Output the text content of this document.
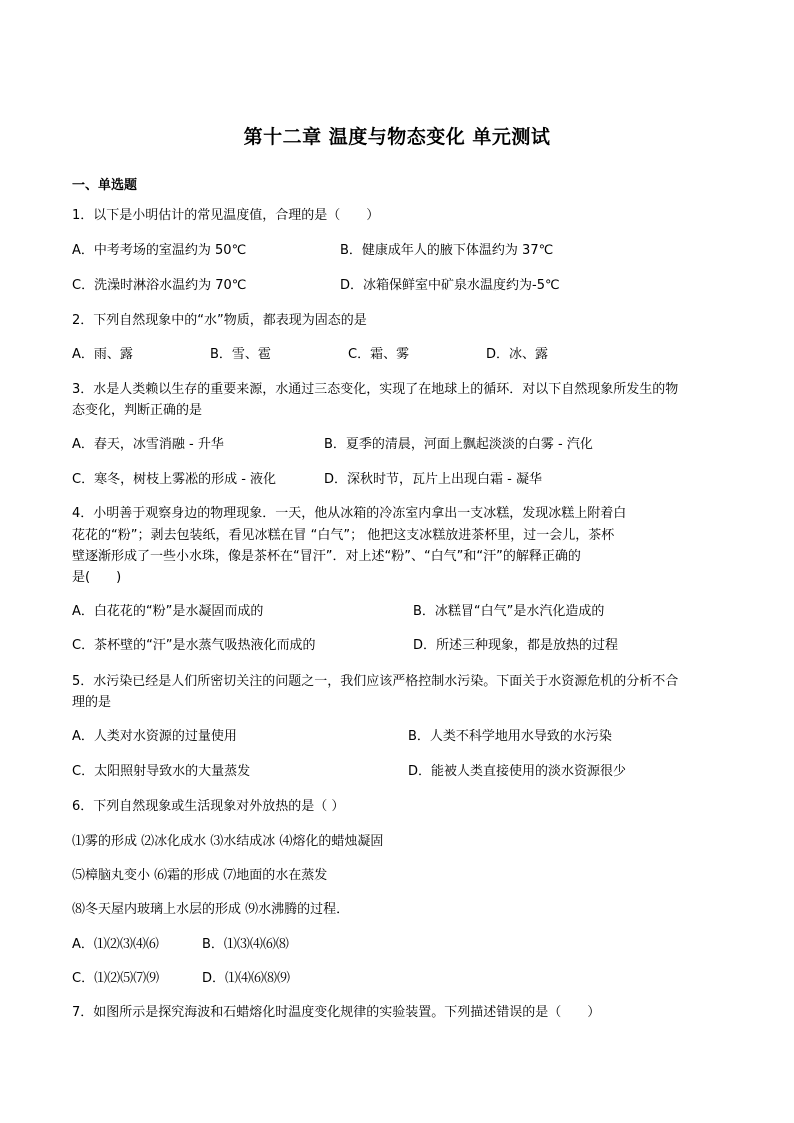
第十二章 温度与物态变化 单元测试
一、单选题
1．以下是小明估计的常见温度值，合理的是（　　）
A．中考考场的室温约为 50℃	B．健康成年人的腋下体温约为 37℃
C．洗澡时淋浴水温约为 70℃	D．冰箱保鲜室中矿泉水温度约为-5℃
2．下列自然现象中的“水”物质，都表现为固态的是
A．雨、露	B．雪、雹	C．霜、雾	D．冰、露
3．水是人类赖以生存的重要来源，水通过三态变化，实现了在地球上的循环．对以下自然现象所发生的物
态变化，判断正确的是
A．春天，冰雪消融 - 升华	B．夏季的清晨，河面上飘起淡淡的白雾 - 汽化
C．寒冬，树枝上雾凇的形成 - 液化	D．深秋时节，瓦片上出现白霜 - 凝华
4．小明善于观察身边的物理现象．一天，他从冰箱的冷冻室内拿出一支冰糕，发现冰糕上附着白
花花的“粉”；剥去包装纸，看见冰糕在冒 “白气”； 他把这支冰糕放进茶杯里，过一会儿，茶杯
壁逐渐形成了一些小水珠，像是茶杯在“冒汗”．对上述“粉”、“白气”和“汗”的解释正确的
是(　　)
A．白花花的“粉”是水凝固而成的	B．冰糕冒“白气”是水汽化造成的
C．茶杯壁的“汗”是水蒸气吸热液化而成的	D．所述三种现象，都是放热的过程
5．水污染已经是人们所密切关注的问题之一，我们应该严格控制水污染。下面关于水资源危机的分析不合
理的是
A．人类对水资源的过量使用	B．人类不科学地用水导致的水污染
C．太阳照射导致水的大量蒸发	D．能被人类直接使用的淡水资源很少
6．下列自然现象或生活现象对外放热的是（ ）
⑴雾的形成 ⑵冰化成水 ⑶水结成冰 ⑷熔化的蜡烛凝固
⑸樟脑丸变小 ⑹霜的形成 ⑺地面的水在蒸发
⑻冬天屋内玻璃上水层的形成 ⑼水沸腾的过程．
A．⑴⑵⑶⑷⑹	B．⑴⑶⑷⑹⑻
C．⑴⑵⑸⑺⑼	D．⑴⑷⑹⑻⑼
7．如图所示是探究海波和石蜡熔化时温度变化规律的实验装置。下列描述错误的是（　　）
